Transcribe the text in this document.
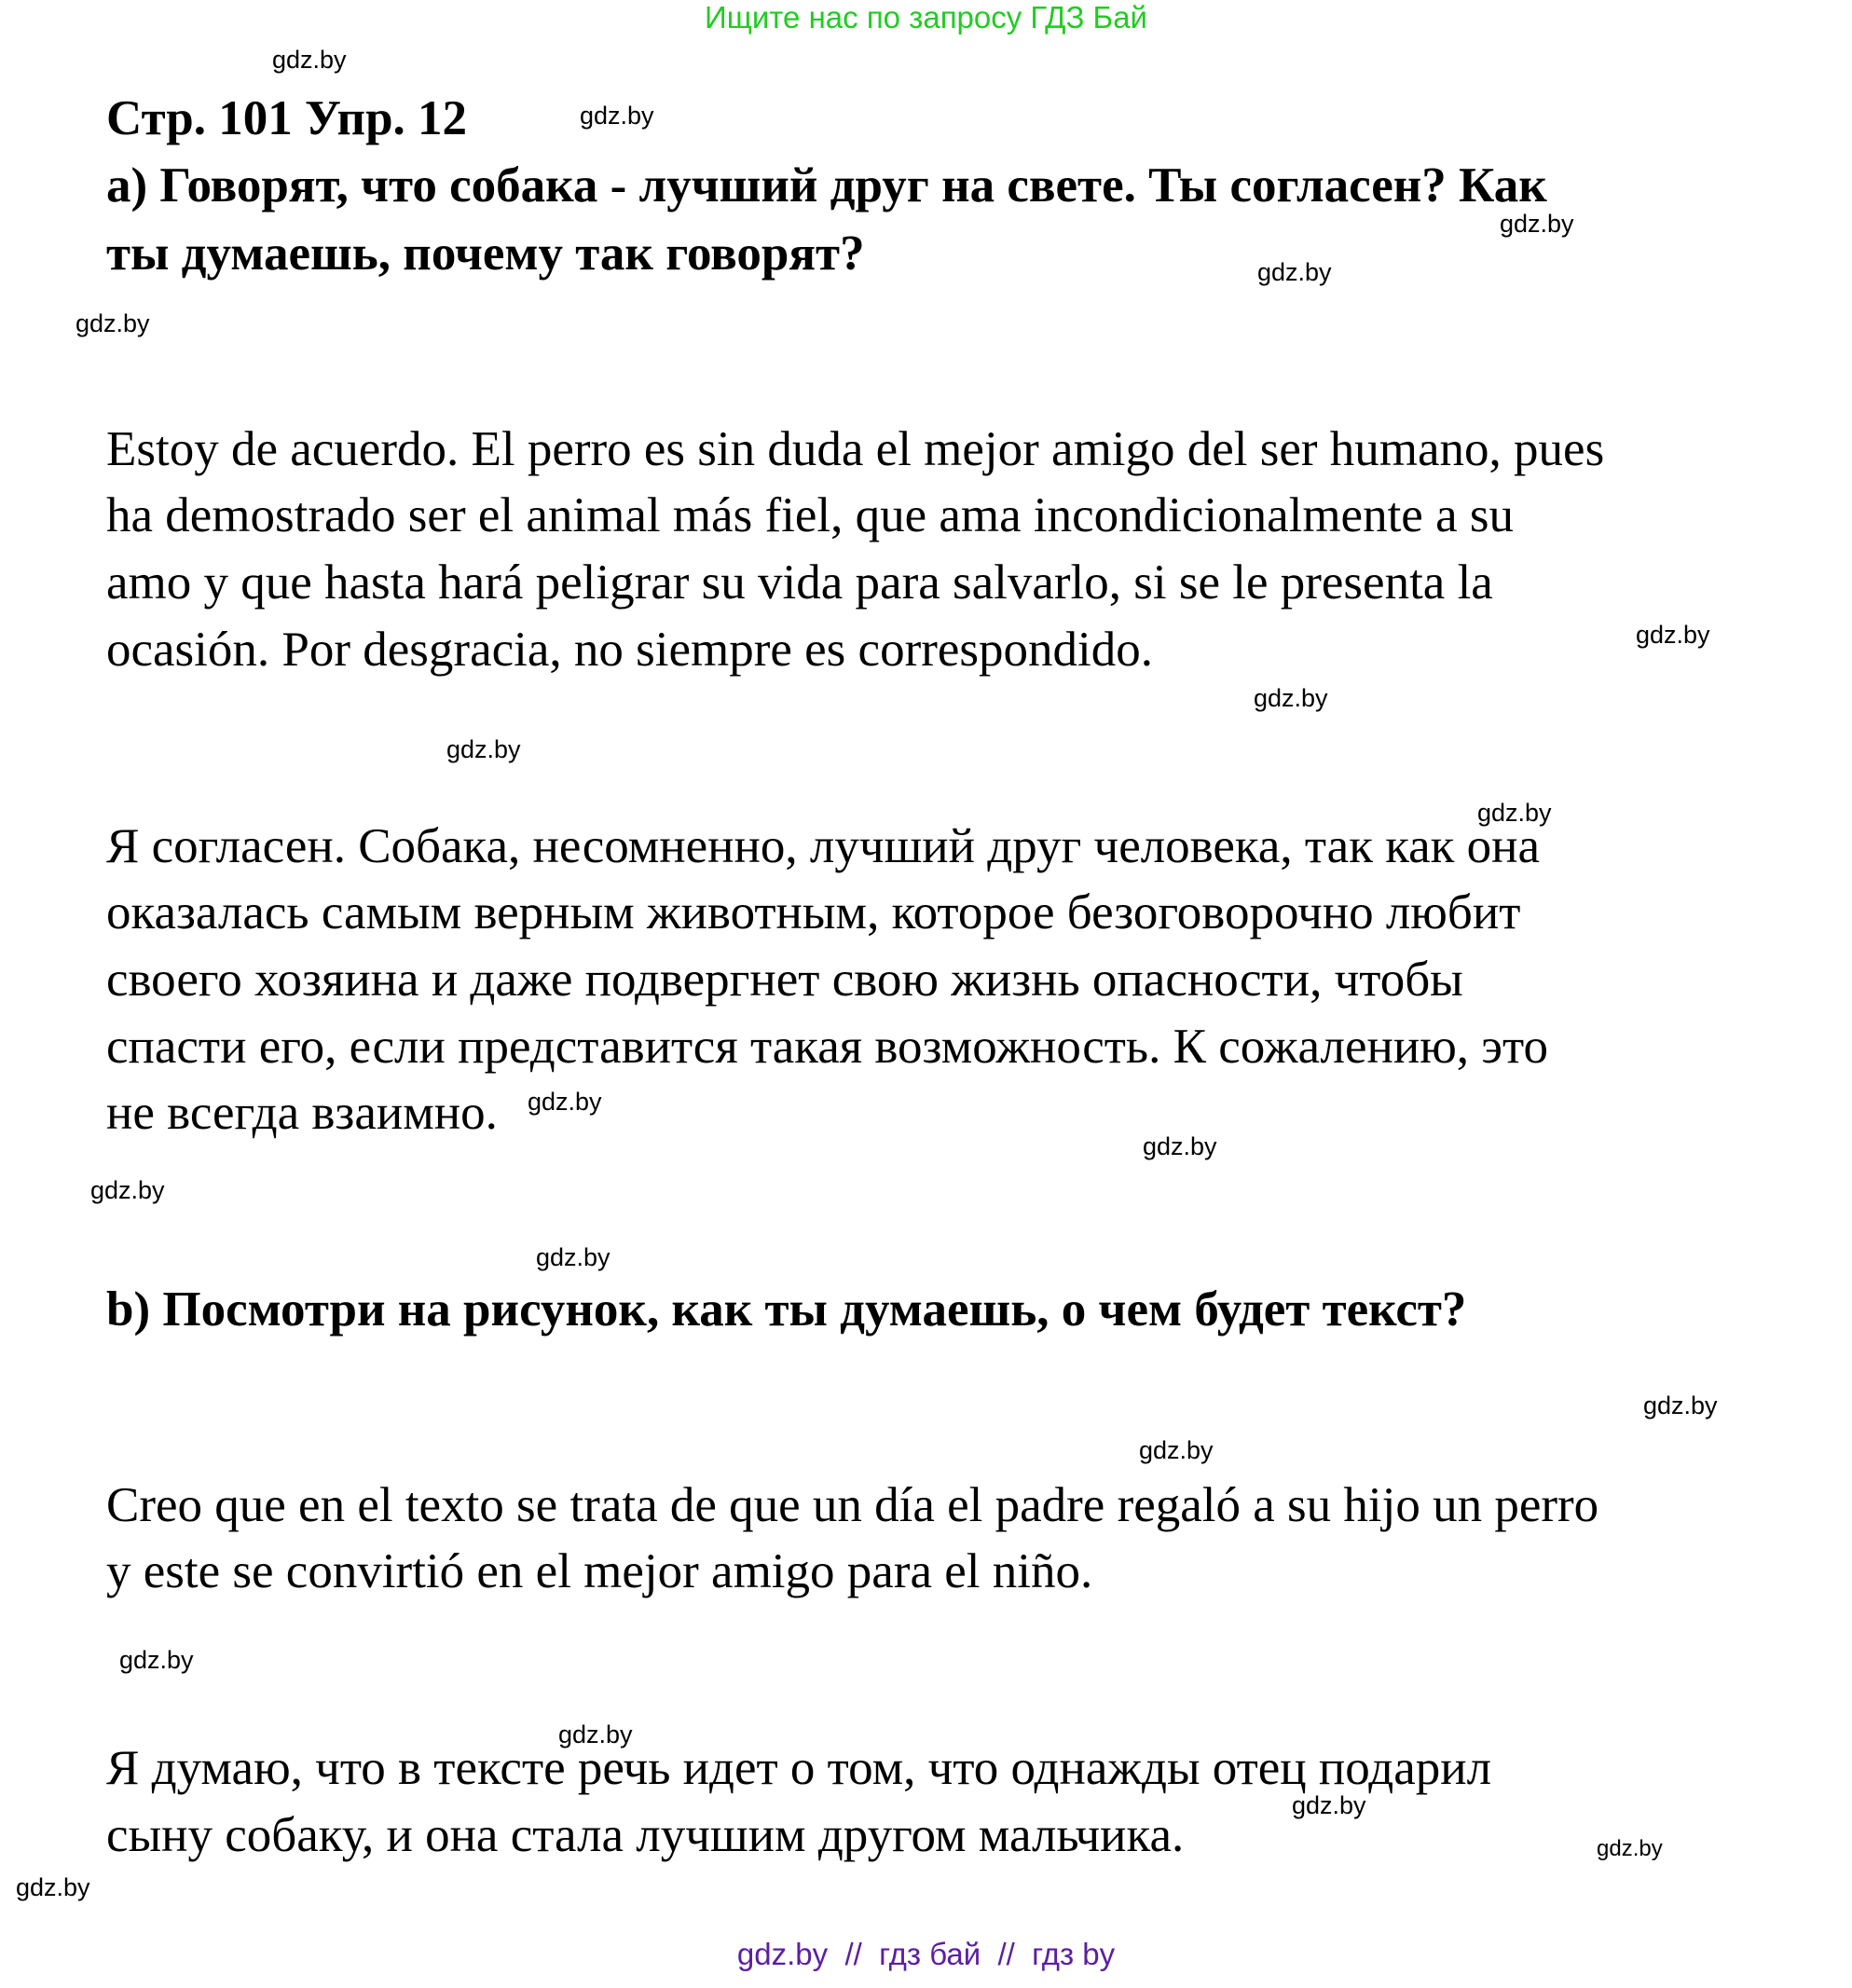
Ищите нас по запросу ГДЗ Бай
Стр. 101 Упр. 12
а) Говорят, что собака - лучший друг на свете. Ты согласен? Как
ты думаешь, почему так говорят?
Estoy de acuerdo. El perro es sin duda el mejor amigo del ser humano, pues
ha demostrado ser el animal más fiel, que ama incondicionalmente a su
amo y que hasta hará peligrar su vida para salvarlo, si se le presenta la
ocasión. Por desgracia, no siempre es correspondido.
Я согласен. Собака, несомненно, лучший друг человека, так как она
оказалась самым верным животным, которое безоговорочно любит
своего хозяина и даже подвергнет свою жизнь опасности, чтобы
спасти его, если представится такая возможность. К сожалению, это
не всегда взаимно.
b) Посмотри на рисунок, как ты думаешь, о чем будет текст?
Creo que en el texto se trata de que un día el padre regaló a su hijo un perro
y este se convirtió en el mejor amigo para el niño.
Я думаю, что в тексте речь идет о том, что однажды отец подарил
сыну собаку, и она стала лучшим другом мальчика.
gdz.by
gdz.by
gdz.by
gdz.by
gdz.by
gdz.by
gdz.by
gdz.by
gdz.by
gdz.by
gdz.by
gdz.by
gdz.by
gdz.by
gdz.by
gdz.by
gdz.by
gdz.by
gdz.by
gdz.by
gdz.by  //  гдз бай  //  гдз by
